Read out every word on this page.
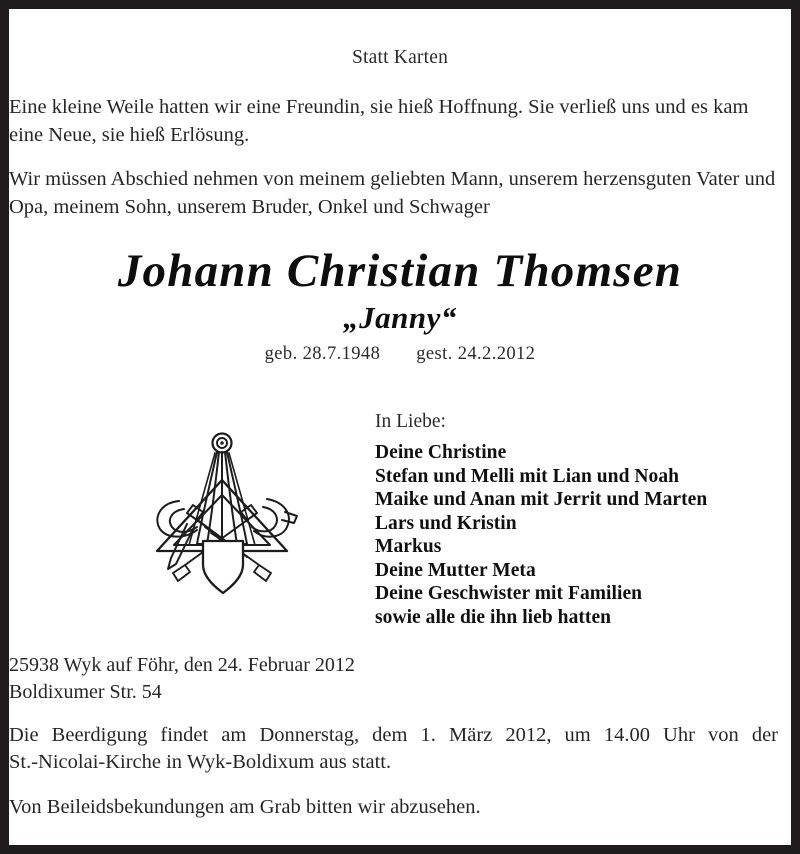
Statt Karten
Eine kleine Weile hatten wir eine Freundin, sie hieß Hoffnung. Sie verließ uns und es kam eine Neue, sie hieß Erlösung.
Wir müssen Abschied nehmen von meinem geliebten Mann, unserem herzensguten Vater und Opa, meinem Sohn, unserem Bruder, Onkel und Schwager
Johann Christian Thomsen
„Janny“
geb. 28.7.1948 gest. 24.2.2012
In Liebe:
Deine Christine
Stefan und Melli mit Lian und Noah
Maike und Anan mit Jerrit und Marten
Lars und Kristin
Markus
Deine Mutter Meta
Deine Geschwister mit Familien
sowie alle die ihn lieb hatten
25938 Wyk auf Föhr, den 24. Februar 2012
Boldixumer Str. 54
Die Beerdigung findet am Donnerstag, dem 1. März 2012, um 14.00 Uhr von der
St.-Nicolai-Kirche in Wyk-Boldixum aus statt.
Von Beileidsbekundungen am Grab bitten wir abzusehen.
